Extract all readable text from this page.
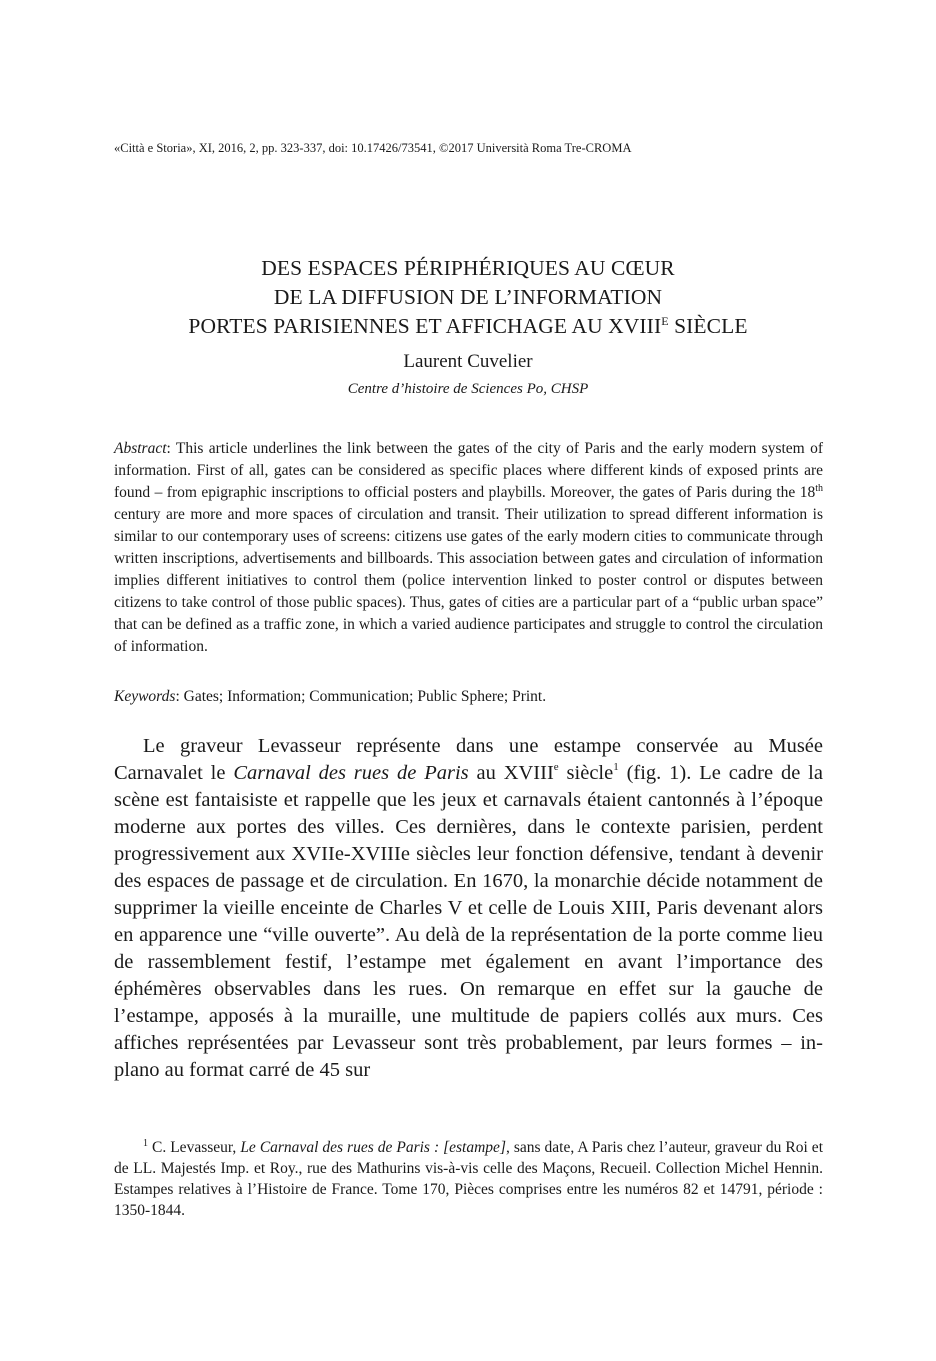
«Città e Storia», XI, 2016, 2, pp. 323-337, doi: 10.17426/73541, ©2017 Università Roma Tre-CROMA
DES ESPACES PÉRIPHÉRIQUES AU CŒUR
DE LA DIFFUSION DE L’INFORMATION
PORTES PARISIENNES ET AFFICHAGE AU $XVIII^E$ SIÈCLE
Laurent Cuvelier
Centre d’histoire de Sciences Po, CHSP

Abstract: This article underlines the link between the gates of the city of Paris and the early modern system of information. First of all, gates can be considered as specific places where different kinds of exposed prints are found – from epigraphic inscriptions to official posters and playbills. Moreover, the gates of Paris during the 18th century are more and more spaces of circulation and transit. Their utilization to spread different information is similar to our contemporary uses of screens: citizens use gates of the early modern cities to communicate through written inscriptions, advertisements and billboards. This association between gates and circulation of information implies different initiatives to control them (police intervention linked to poster control or disputes between citizens to take control of those public spaces). Thus, gates of cities are a particular part of a “public urban space” that can be defined as a traffic zone, in which a varied audience participates and struggle to control the circulation of information.

Keywords: Gates; Information; Communication; Public Sphere; Print.

Le graveur Levasseur représente dans une estampe conservée au Musée Carnavalet le Carnaval des rues de Paris au XVIIIe siècle$^1$ (fig. 1). Le cadre de la scène est fantaisiste et rappelle que les jeux et carnavals étaient cantonnés à l’époque moderne aux portes des villes. Ces dernières, dans le contexte parisien, perdent progressivement aux XVIIe-XVIIIe siècles leur fonction défensive, tendant à devenir des espaces de passage et de circulation. En 1670, la monarchie décide notamment de supprimer la vieille enceinte de Charles V et celle de Louis XIII, Paris devenant alors en apparence une “ville ouverte”. Au delà de la représentation de la porte comme lieu de rassemblement festif, l’estampe met également en avant l’importance des éphémères observables dans les rues. On remarque en effet sur la gauche de l’estampe, apposés à la muraille, une multitude de papiers collés aux murs. Ces affiches représentées par Levasseur sont très probablement, par leurs formes – in-plano au format carré de 45 sur

$^1$ C. Levasseur, Le Carnaval des rues de Paris : [estampe], sans date, A Paris chez l’auteur, graveur du Roi et de LL. Majestés Imp. et Roy., rue des Mathurins vis-à-vis celle des Maçons, Recueil. Collection Michel Hennin. Estampes relatives à l’Histoire de France. Tome 170, Pièces comprises entre les numéros 82 et 14791, période : 1350-1844.
